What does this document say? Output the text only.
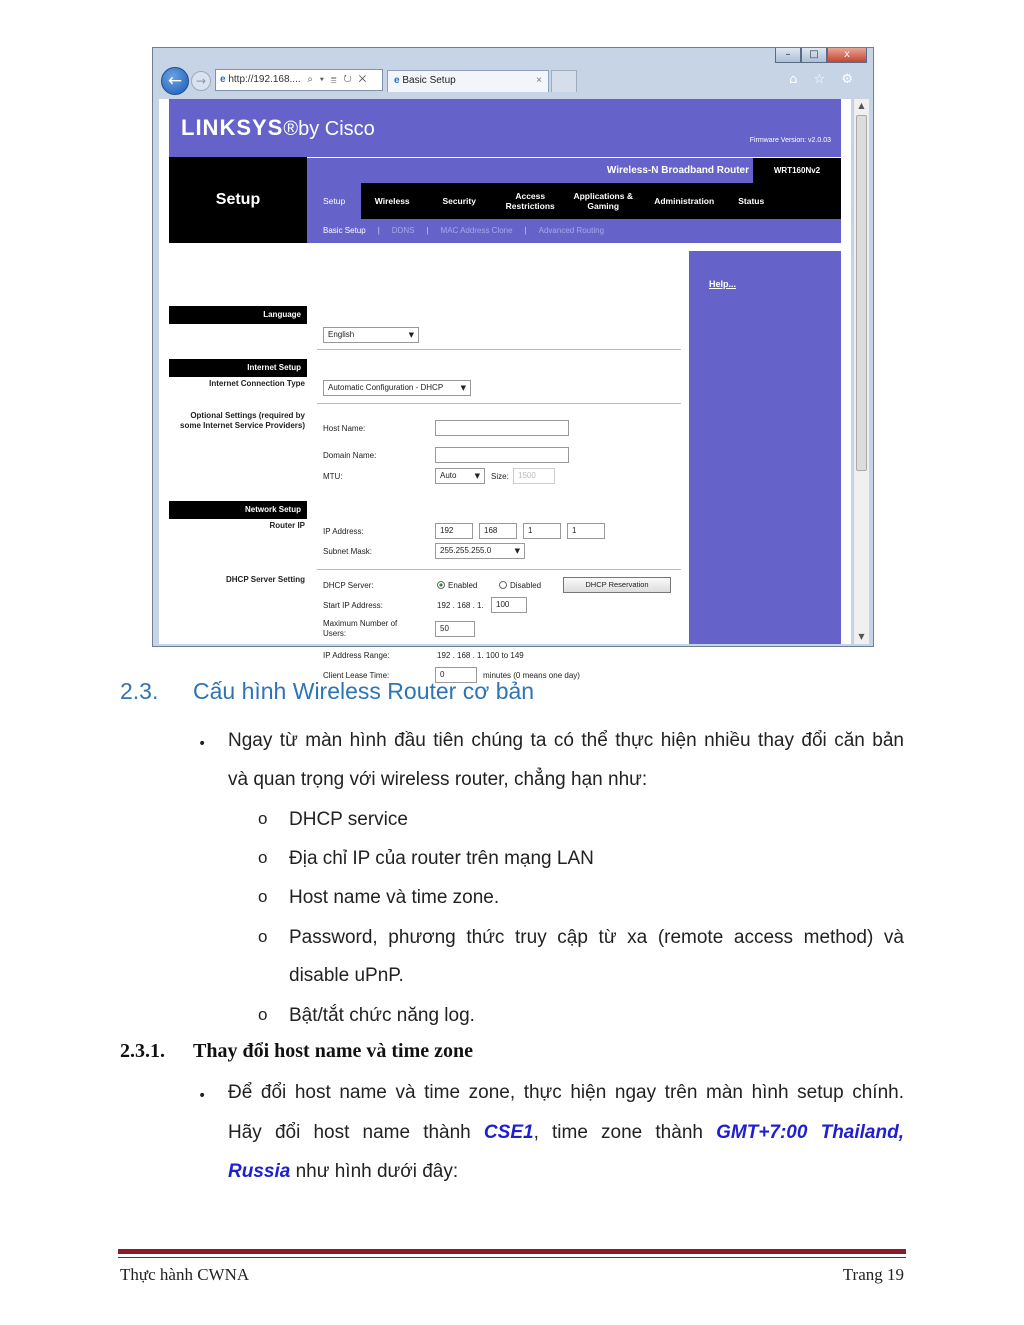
–	□	x
←	→	e http://192.168.... ⌕ ▾ ≣ ↻ ✕	e Basic Setup	×	⌂ ☆ ⚙
LINKSYS®by Cisco
Firmware Version: v2.0.03
Setup
Wireless-N Broadband Router	WRT160Nv2
Setup	Wireless	Security	Access Restrictions
Applications & Gaming	Administration	Status
Basic Setup | DDNS | MAC Address Clone | Advanced Routing
Language
Internet Setup
Internet Connection Type
Optional Settings (required by some Internet Service Providers)
Network Setup
Router IP
DHCP Server Setting
Help...
English	▼
Automatic Configuration - DHCP ▼
Host Name:
Domain Name:
MTU:	Auto	▼ Size:	1500
IP Address:	192	168	1	1
Subnet Mask:	255.255.255.0	▼
DHCP Server:	Enabled	Disabled	DHCP Reservation
Start IP Address:	192 . 168 . 1.	100
Maximum Number of Users:
50
IP Address Range:	192 . 168 . 1. 100 to 149
Client Lease Time:	0	minutes (0 means one day)
▲
▼
2.3. Cấu hình Wireless Router cơ bản
• Ngay từ màn hình đầu tiên chúng ta có thể thực hiện nhiều thay đổi căn bản
và quan trọng với wireless router, chẳng hạn như:
o DHCP service
o Địa chỉ IP của router trên mạng LAN
o Host name và time zone.
o Password, phương thức truy cập từ xa (remote access method) và
disable uPnP.
o Bật/tắt chức năng log.
2.3.1. Thay đổi host name và time zone
• Để đổi host name và time zone, thực hiện ngay trên màn hình setup chính.
Hãy đổi host name thành CSE1, time zone thành GMT+7:00 Thailand,
Russia như hình dưới đây:
Thực hành CWNA	Trang 19
